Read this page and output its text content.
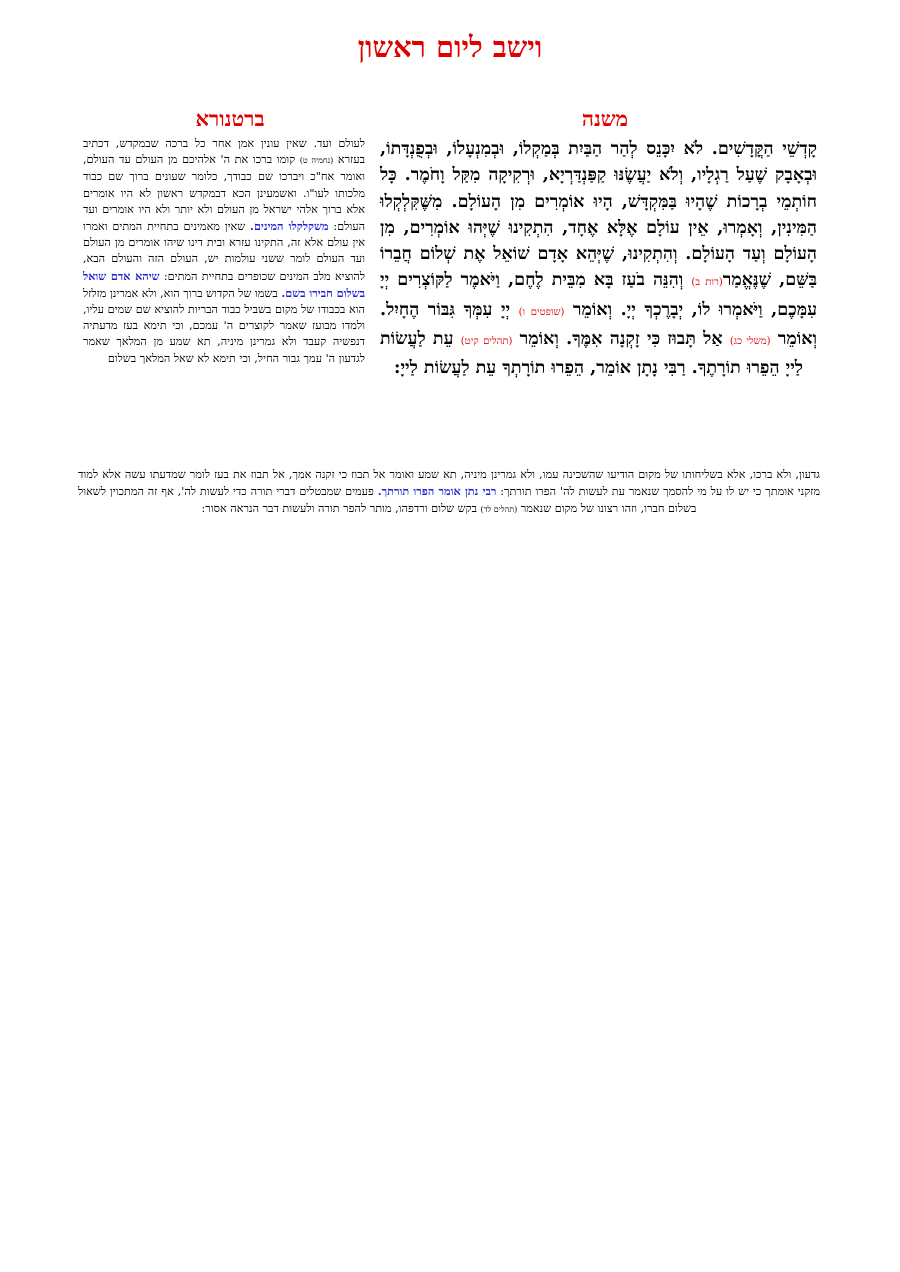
וישב ליום ראשון
משנה
ברטנורא
קָדְשֵׁי הַקֳּדָשִׁים. לֹא יִכָּנֵס לְהַר הַבַּיִת בְּמַקְלוֹ, וּבְמִנְעָלוֹ, וּבְפֻנְדָּתוֹ, וּבְאָבָק שֶׁעַל רַגְלָיו, וְלֹא יַעֲשֶׂנּוּ קַפַּנְדַּרְיָא, וּרְקִיקָה מִקַּל וָחֹמֶר. כָּל חוֹתְמֵי בְרָכוֹת שֶׁהָיוּ בַּמִּקְדָּשׁ, הָיוּ אוֹמְרִים מִן הָעוֹלָם. מִשֶּׁקִּלְקְלוּ הַמִּינִין, וְאָמְרוּ, אֵין עוֹלָם אֶלָּא אֶחָד, הִתְקִינוּ שֶׁיְּהוּ אוֹמְרִים, מִן הָעוֹלָם וְעַד הָעוֹלָם. וְהִתְקִינוּ, שֶׁיְּהֵא אָדָם שׁוֹאֵל אֶת שְׁלוֹם חֲבֵרוֹ בַּשֵּׁם, שֶׁנֶּאֱמַר(רות ב) וְהִנֵּה בֹעַז בָּא מִבֵּית לֶחֶם, וַיֹּאמֶר לַקּוֹצְרִים יְיָ עִמָּכֶם, וַיֹּאמְרוּ לוֹ, יְבָרֶכְךָ יְיָ. וְאוֹמֵר (שופטים ו) יְיָ עִמְּךָ גִּבּוֹר הֶחָיִל. וְאוֹמֵר (משלי כג) אַל תָּבוּז כִּי זָקְנָה אִמֶּךָ. וְאוֹמֵר (תהלים קיט) עֵת לַעֲשׂוֹת לַייָ הֵפֵרוּ תוֹרָתֶךָ. רַבִּי נָתָן אוֹמֵר, הֵפֵרוּ תוֹרָתְךָ עֵת לַעֲשׂוֹת לַייָ:
לעולם ועד. שאין עונין אמן אחר כל ברכה שבמקדש, דכתיב בעזרא (נחמיה ט) קומו ברכו את ה' אלהיכם מן העולם עד העולם, ואומר אח"כ ויברכו שם כבודך, כלומר שעונים ברוך שם כבוד מלכותו לעו"ו. ואשמעינן הכא דבמקדש ראשון לא היו אומרים אלא ברוך אלהי ישראל מן העולם ולא יותר ולא היו אומרים ועד העולם: משקלקלו המינים. שאין מאמינים בתחיית המתים ואמרו אין עולם אלא זה, התקינו עזרא ובית דינו שיהו אומרים מן העולם ועד העולם לומר ששני עולמות יש, העולם הזה והעולם הבא, להוציא מלב המינים שכופרים בתחיית המתים: שיהא אדם שואל בשלום חבירו בשם. בשמו של הקדוש ברוך הוא, ולא אמרינן מזלזל הוא בכבודו של מקום בשביל כבוד הבריות להוציא שם שמים עליו, ולמדו מבועז שאמר לקוצרים ה' עמכם, וכי תימא בעז מדעתיה דנפשיה קעבד ולא גמרינן מיניה, תא שמע מן המלאך שאמר לגדעון ה' עמך גבור החיל, וכי תימא לא שאל המלאך בשלום
גדעון, ולא ברכו, אלא בשליחותו של מקום הודיעו שהשכינה עמו, ולא גמרינן מיניה, תא שמע ואומר אל תבוז כי זקנה אמך, אל תבוז את בעז לומר שמדעתו עשה אלא למוד מזקני אומתך כי יש לו על מי להסמך שנאמר עת לעשות לה' הפרו תורתך: רבי נתן אומר הפרו תורתך. פעמים שמבטלים דברי תורה כדי לעשות לה', אף זה המתכוין לשאול בשלום חברו, וזהו רצונו של מקום שנאמר (תהלים לד) בקש שלום ורדפהו, מותר להפר תורה ולעשות דבר הנראה אסור:
